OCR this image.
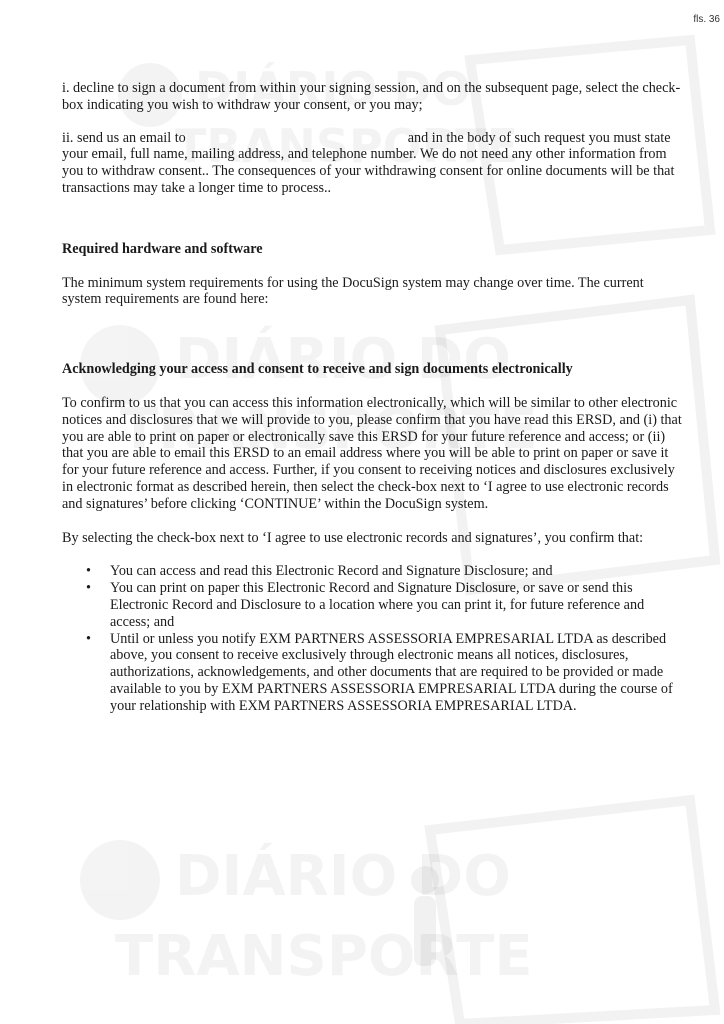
fls. 36

i. decline to sign a document from within your signing session, and on the subsequent page, select the check-box indicating you wish to withdraw your consent, or you may;

ii. send us an email to	and in the body of such request you must state your email, full name, mailing address, and telephone number. We do not need any other information from you to withdraw consent.. The consequences of your withdrawing consent for online documents will be that transactions may take a longer time to process..

Required hardware and software

The minimum system requirements for using the DocuSign system may change over time. The current system requirements are found here:

Acknowledging your access and consent to receive and sign documents electronically

To confirm to us that you can access this information electronically, which will be similar to other electronic notices and disclosures that we will provide to you, please confirm that you have read this ERSD, and (i) that you are able to print on paper or electronically save this ERSD for your future reference and access; or (ii) that you are able to email this ERSD to an email address where you will be able to print on paper or save it for your future reference and access. Further, if you consent to receiving notices and disclosures exclusively in electronic format as described herein, then select the check-box next to ‘I agree to use electronic records and signatures’ before clicking ‘CONTINUE’ within the DocuSign system.

By selecting the check-box next to ‘I agree to use electronic records and signatures’, you confirm that:

• You can access and read this Electronic Record and Signature Disclosure; and
• You can print on paper this Electronic Record and Signature Disclosure, or save or send this Electronic Record and Disclosure to a location where you can print it, for future reference and access; and
• Until or unless you notify EXM PARTNERS ASSESSORIA EMPRESARIAL LTDA as described above, you consent to receive exclusively through electronic means all notices, disclosures, authorizations, acknowledgements, and other documents that are required to be provided or made available to you by EXM PARTNERS ASSESSORIA EMPRESARIAL LTDA during the course of your relationship with EXM PARTNERS ASSESSORIA EMPRESARIAL LTDA.
